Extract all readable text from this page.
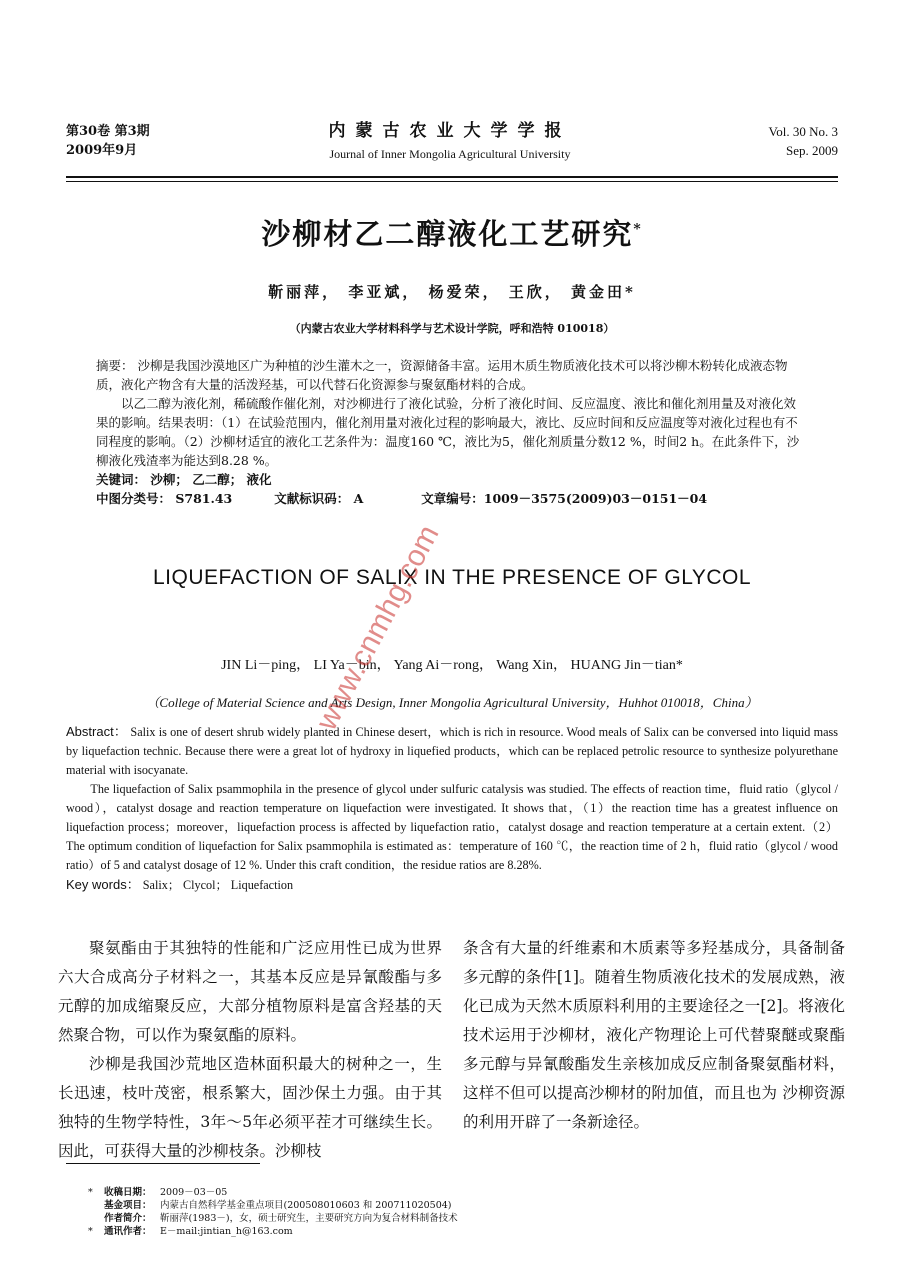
第30卷 第3期
2009年9月
内蒙古农业大学学报
Journal of Inner Mongolia Agricultural University
Vol. 30 No. 3
Sep. 2009
沙柳材乙二醇液化工艺研究*
靳丽萍， 李亚斌， 杨爱荣， 王欣， 黄金田*
（内蒙古农业大学材料科学与艺术设计学院，呼和浩特 010018）

摘要： 沙柳是我国沙漠地区广为种植的沙生灌木之一，资源储备丰富。运用木质生物质液化技术可以将沙柳木粉转化成液态物质，液化产物含有大量的活泼羟基，可以代替石化资源参与聚氨酯材料的合成。

以乙二醇为液化剂，稀硫酸作催化剂，对沙柳进行了液化试验，分析了液化时间、反应温度、液比和催化剂用量及对液化效果的影响。结果表明：（1）在试验范围内，催化剂用量对液化过程的影响最大，液比、反应时间和反应温度等对液化过程也有不同程度的影响。（2）沙柳材适宜的液化工艺条件为：温度160 ℃，液比为5，催化剂质量分数12 %，时间2 h。在此条件下，沙柳液化残渣率为能达到8.28 %。

关键词： 沙柳； 乙二醇； 液化

中图分类号： S781.43	文献标识码： A	文章编号：1009－3575(2009)03－0151－04
LIQUEFACTION OF SALIX IN THE PRESENCE OF GLYCOL
JIN Li－ping， LI Ya－bin， Yang Ai－rong， Wang Xin， HUANG Jin－tian*
（College of Material Science and Arts Design, Inner Mongolia Agricultural University，Huhhot 010018，China）

Abstract： Salix is one of desert shrub widely planted in Chinese desert，which is rich in resource. Wood meals of Salix can be conversed into liquid mass by liquefaction technic. Because there were a great lot of hydroxy in liquefied products，which can be replaced petrolic resource to synthesize polyurethane material with isocyanate.

The liquefaction of Salix psammophila in the presence of glycol under sulfuric catalysis was studied. The effects of reaction time，fluid ratio（glycol / wood），catalyst dosage and reaction temperature on liquefaction were investigated. It shows that，（1）the reaction time has a greatest influence on liquefaction process；moreover，liquefaction process is affected by liquefaction ratio，catalyst dosage and reaction temperature at a certain extent.（2）The optimum condition of liquefaction for Salix psammophila is estimated as：temperature of 160 ℃，the reaction time of 2 h，fluid ratio（glycol / wood ratio）of 5 and catalyst dosage of 12 %. Under this craft condition，the residue ratios are 8.28%.

Key words： Salix； Clycol； Liquefaction

聚氨酯由于其独特的性能和广泛应用性已成为世界六大合成高分子材料之一，其基本反应是异氰酸酯与多元醇的加成缩聚反应，大部分植物原料是富含羟基的天然聚合物，可以作为聚氨酯的原料。

沙柳是我国沙荒地区造林面积最大的树种之一，生长迅速，枝叶茂密，根系繁大，固沙保土力强。由于其独特的生物学特性，3年～5年必须平茬才可继续生长。因此，可获得大量的沙柳枝条。沙柳枝

条含有大量的纤维素和木质素等多羟基成分，具备制备多元醇的条件[1]。随着生物质液化技术的发展成熟，液化已成为天然木质原料利用的主要途径之一[2]。将液化技术运用于沙柳材，液化产物理论上可代替聚醚或聚酯多元醇与异氰酸酯发生亲核加成反应制备聚氨酯材料，这样不但可以提高沙柳材的附加值，而且也为 沙柳资源的利用开辟了一条新途径。

*	收稿日期： 2009－03－05
基金项目： 内蒙古自然科学基金重点项目(200508010603 和 200711020504)
作者简介： 靳丽萍(1983－)，女，硕士研究生，主要研究方向为复合材料制备技术
*	通讯作者： E－mail:jintian_h@163.com
www.cnmhg.com
